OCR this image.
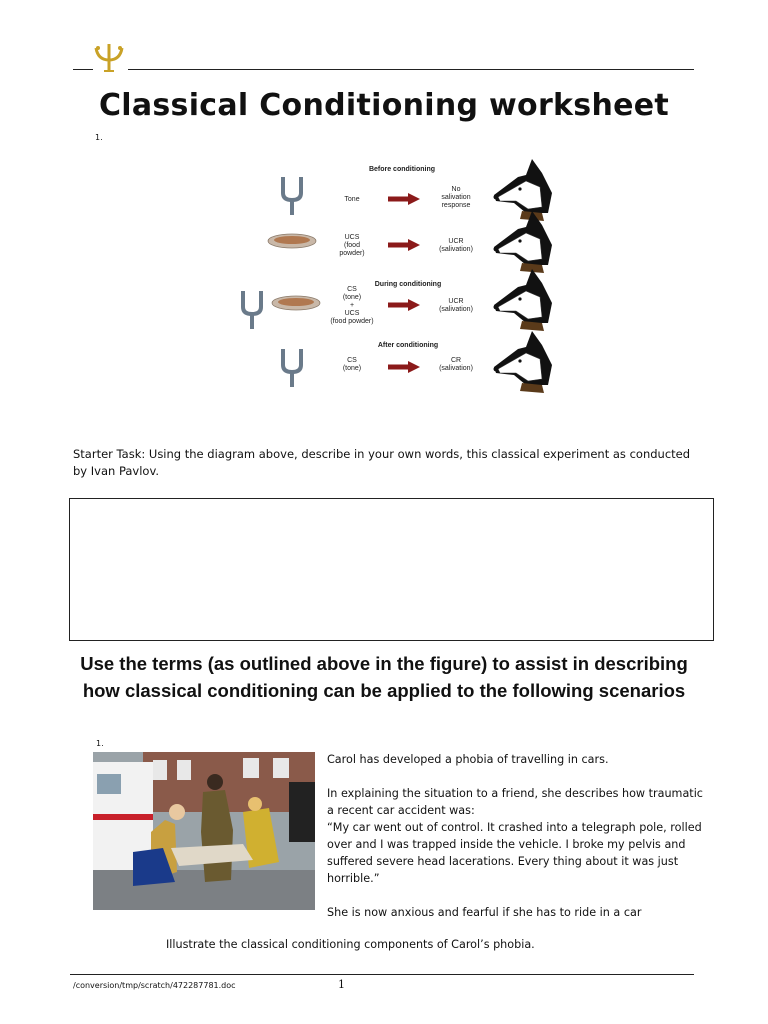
Classical Conditioning worksheet
1.
Before conditioning
Tone
No
salivation
response
UCS
(food
powder)
UCR
(salivation)
During conditioning
CS
(tone)
+
UCS
(food powder)
UCR
(salivation)
After conditioning
CS
(tone)
CR
(salivation)
Starter Task: Using the diagram above, describe in your own words, this classical experiment as conducted by Ivan Pavlov.
Use the terms (as outlined above in the figure) to assist in describing how classical conditioning can be applied to the following scenarios
1.

Carol has developed a phobia of travelling in cars.

In explaining the situation to a friend, she describes how traumatic a recent car accident was:

“My car went out of control. It crashed into a telegraph pole, rolled over and I was trapped inside the vehicle. I broke my pelvis and suffered severe head lacerations. Every thing about it was just horrible.”

She is now anxious and fearful if she has to ride in a car

Illustrate the classical conditioning components of Carol’s phobia.
/conversion/tmp/scratch/472287781.doc	1
